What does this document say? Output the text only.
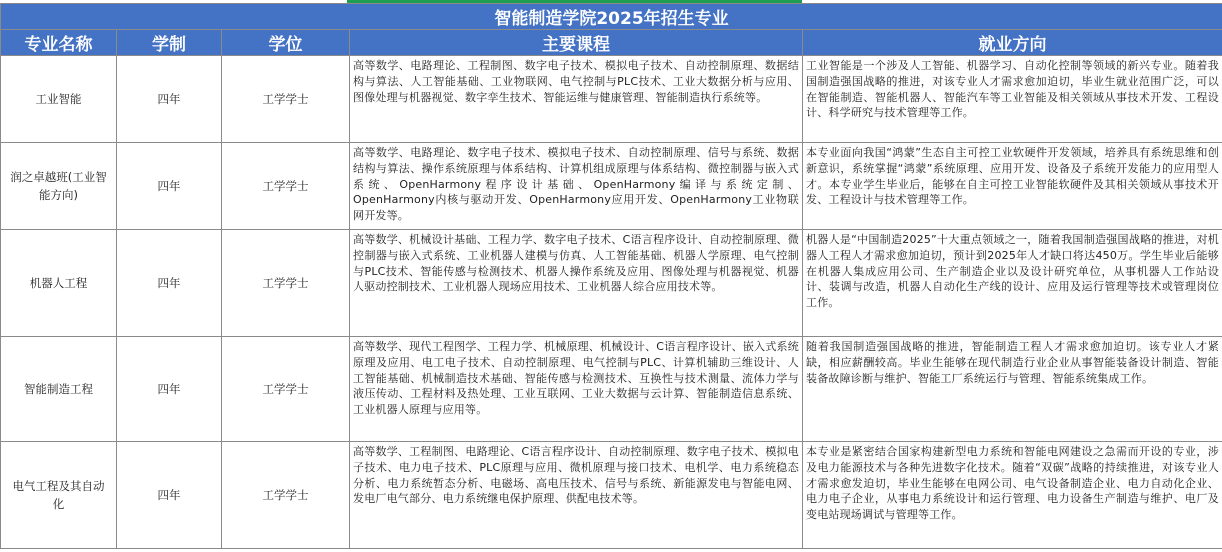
智能制造学院2025年招生专业				
专业名称	学制	学位	主要课程	就业方向
工业智能	四年	工学学士	高等数学、电路理论、工程制图、数字电子技术、模拟电子技术、自动控制原理、数据结构与算法、人工智能基础、工业物联网、电气控制与PLC技术、工业大数据分析与应用、图像处理与机器视觉、数字孪生技术、智能运维与健康管理、智能制造执行系统等。	工业智能是一个涉及人工智能、机器学习、自动化控制等领域的新兴专业。随着我国制造强国战略的推进，对该专业人才需求愈加迫切，毕业生就业范围广泛，可以在智能制造、智能机器人、智能汽车等工业智能及相关领域从事技术开发、工程设计、科学研究与技术管理等工作。
润之卓越班(工业智能方向)	四年	工学学士	高等数学、电路理论、数字电子技术、模拟电子技术、自动控制原理、信号与系统、数据结构与算法、操作系统原理与体系结构、计算机组成原理与体系结构、微控制器与嵌入式系统、OpenHarmony程序设计基础、OpenHarmony编译与系统定制、OpenHarmony内核与驱动开发、OpenHarmony应用开发、OpenHarmony工业物联网开发等。	本专业面向我国“鸿蒙”生态自主可控工业软硬件开发领域，培养具有系统思维和创新意识，系统掌握“鸿蒙”系统原理、应用开发、设备及子系统开发能力的应用型人才。本专业学生毕业后，能够在自主可控工业智能软硬件及其相关领域从事技术开发、工程设计与技术管理等工作。
机器人工程	四年	工学学士	高等数学、机械设计基础、工程力学、数字电子技术、C语言程序设计、自动控制原理、微控制器与嵌入式系统、工业机器人建模与仿真、人工智能基础、机器人学原理、电气控制与PLC技术、智能传感与检测技术、机器人操作系统及应用、图像处理与机器视觉、机器人驱动控制技术、工业机器人现场应用技术、工业机器人综合应用技术等。	机器人是“中国制造2025”十大重点领域之一，随着我国制造强国战略的推进，对机器人工程人才需求愈加迫切，预计到2025年人才缺口将达450万。学生毕业后能够在机器人集成应用公司、生产制造企业以及设计研究单位，从事机器人工作站设计、装调与改造，机器人自动化生产线的设计、应用及运行管理等技术或管理岗位工作。
智能制造工程	四年	工学学士	高等数学、现代工程图学、工程力学、机械原理、机械设计、C语言程序设计、嵌入式系统原理及应用、电工电子技术、自动控制原理、电气控制与PLC、计算机辅助三维设计、人工智能基础、机械制造技术基础、智能传感与检测技术、互换性与技术测量、流体力学与液压传动、工程材料及热处理、工业互联网、工业大数据与云计算、智能制造信息系统、工业机器人原理与应用等。	随着我国制造强国战略的推进，智能制造工程人才需求愈加迫切。该专业人才紧缺，相应薪酬较高。毕业生能够在现代制造行业企业从事智能装备设计制造、智能装备故障诊断与维护、智能工厂系统运行与管理、智能系统集成工作。
电气工程及其自动化	四年	工学学士	高等数学、工程制图、电路理论、C语言程序设计、自动控制原理、数字电子技术、模拟电子技术、电力电子技术、PLC原理与应用、微机原理与接口技术、电机学、电力系统稳态分析、电力系统暂态分析、电磁场、高电压技术、信号与系统、新能源发电与智能电网、发电厂电气部分、电力系统继电保护原理、供配电技术等。	本专业是紧密结合国家构建新型电力系统和智能电网建设之急需而开设的专业，涉及电力能源技术与各种先进数字化技术。随着“双碳”战略的持续推进，对该专业人才需求愈发迫切，毕业生能够在电网公司、电气设备制造企业、电力自动化企业、电力电子企业，从事电力系统设计和运行管理、电力设备生产制造与维护、电厂及变电站现场调试与管理等工作。
